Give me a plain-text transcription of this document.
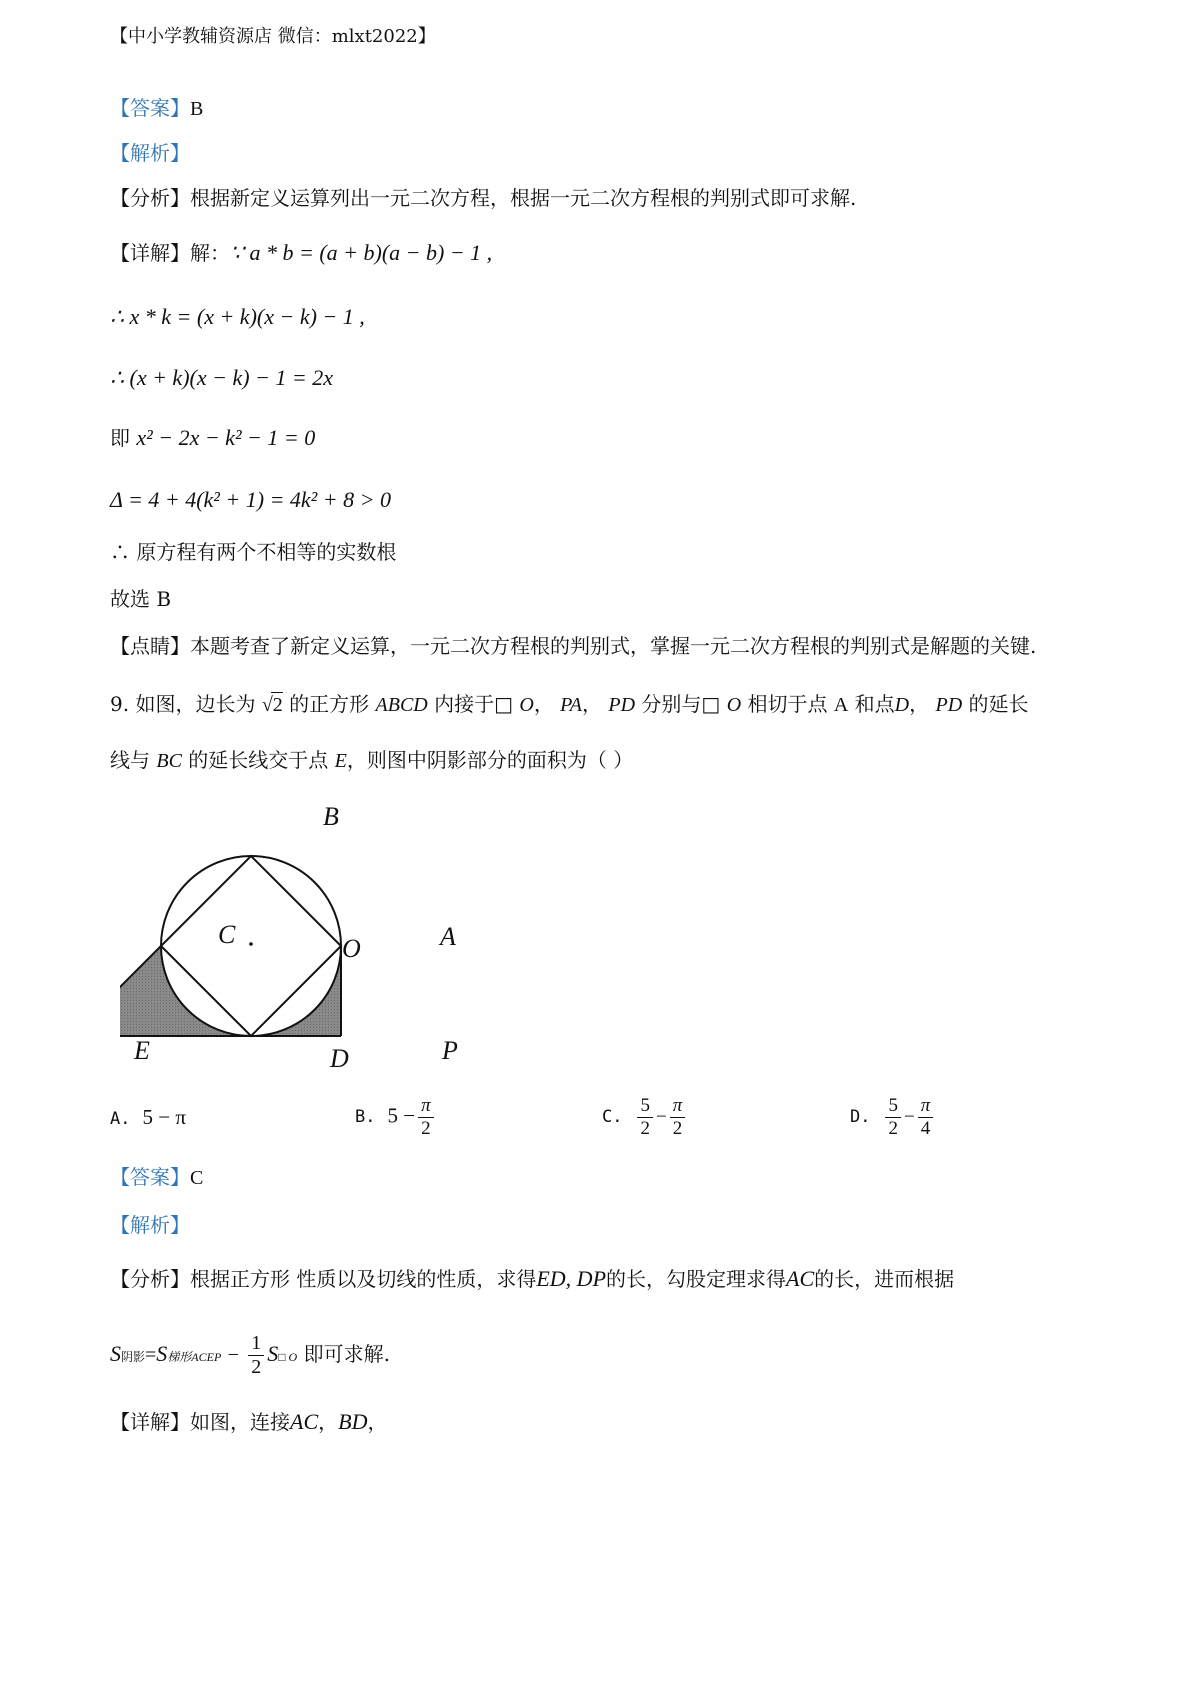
【中小学教辅资源店 微信：mlxt2022】
【答案】B
【解析】
【分析】根据新定义运算列出一元二次方程，根据一元二次方程根的判别式即可求解.
【详解】解：∵ a * b = (a + b)(a − b) − 1 ,
∴ x * k = (x + k)(x − k) − 1 ,
∴ (x + k)(x − k) − 1 = 2x
即 x² − 2x − k² − 1 = 0
Δ = 4 + 4(k² + 1) = 4k² + 8 > 0
∴ 原方程有两个不相等的实数根
故选 B
【点睛】本题考查了新定义运算，一元二次方程根的判别式，掌握一元二次方程根的判别式是解题的关键.
9. 如图，边长为 √2 的正方形 ABCD 内接于□ O， PA， PD 分别与□ O 相切于点 A 和点D， PD 的延长
线与 BC 的延长线交于点 E，则图中阴影部分的面积为（ ）
B
C	O	A
E	D	P
A. 5 − π	B. $5 - \frac{\pi}{2}$	C. $\frac{5}{2} - \frac{\pi}{2}$	D. $\frac{5}{2} - \frac{\pi}{4}$
【答案】C
【解析】
【分析】根据正方形 性质以及切线的性质，求得ED, DP的长，勾股定理求得AC的长，进而根据
S阴影=S梯形ACEP − $\frac{1}{2}$ S□ O 即可求解.
【详解】如图，连接AC，BD，
